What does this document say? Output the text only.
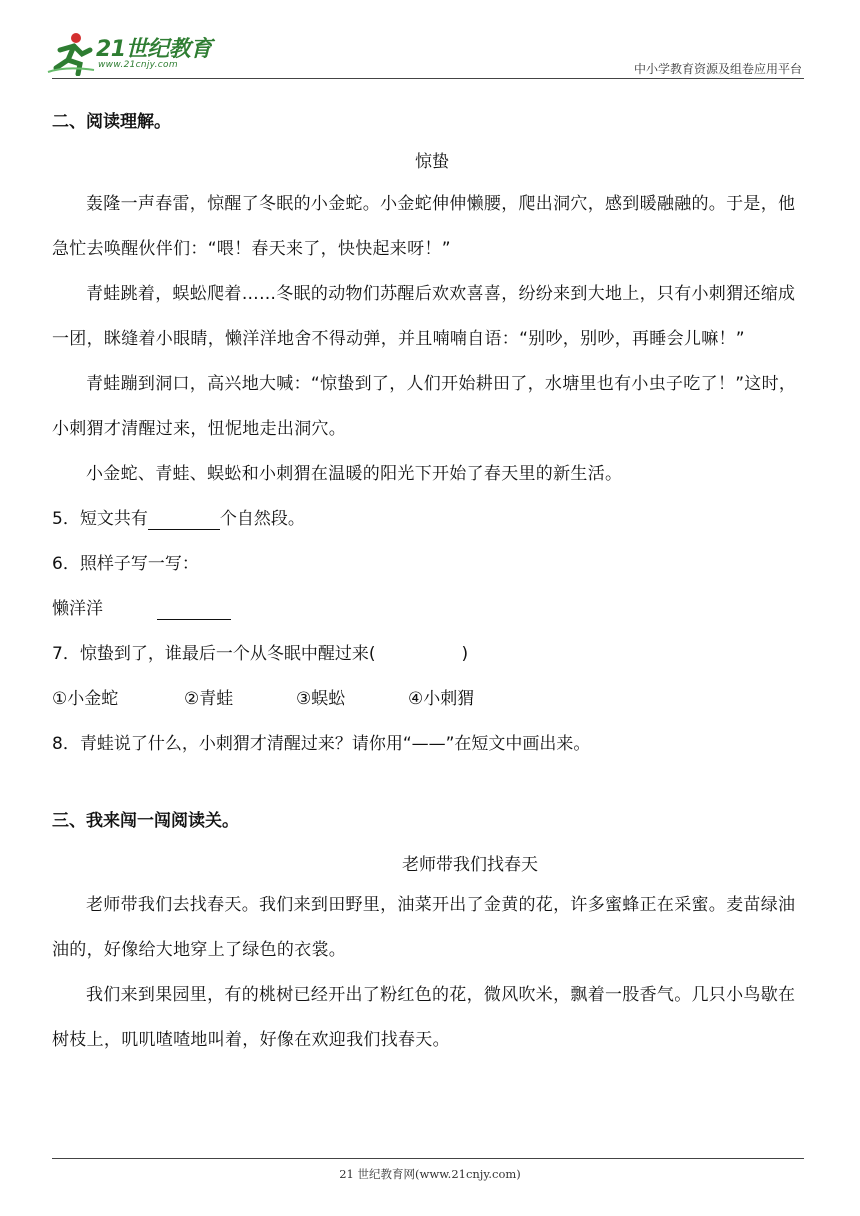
21世纪教育
www.21cnjy.com	中小学教育资源及组卷应用平台
二、阅读理解。
惊蛰

轰隆一声春雷，惊醒了冬眠的小金蛇。小金蛇伸伸懒腰，爬出洞穴，感到暖融融的。于是，他急忙去唤醒伙伴们：“喂！春天来了，快快起来呀！”

青蛙跳着，蜈蚣爬着……冬眠的动物们苏醒后欢欢喜喜，纷纷来到大地上，只有小刺猬还缩成一团，眯缝着小眼睛，懒洋洋地舍不得动弹，并且喃喃自语：“别吵，别吵，再睡会儿嘛！”

青蛙蹦到洞口，高兴地大喊：“惊蛰到了，人们开始耕田了，水塘里也有小虫子吃了！”这时，小刺猬才清醒过来，忸怩地走出洞穴。

小金蛇、青蛙、蜈蚣和小刺猬在温暖的阳光下开始了春天里的新生活。

5．短文共有	个自然段。
6．照样子写一写：
懒洋洋
7．惊蛰到了，谁最后一个从冬眠中醒过来(	)
①小金蛇	②青蛙	③蜈蚣	④小刺猬
8．青蛙说了什么，小刺猬才清醒过来？请你用“——”在短文中画出来。
三、我来闯一闯阅读关。
老师带我们找春天

老师带我们去找春天。我们来到田野里，油菜开出了金黄的花，许多蜜蜂正在采蜜。麦苗绿油油的，好像给大地穿上了绿色的衣裳。

我们来到果园里，有的桃树已经开出了粉红色的花，微风吹米，飘着一股香气。几只小鸟歇在树枝上，叽叽喳喳地叫着，好像在欢迎我们找春天。

21 世纪教育网(www.21cnjy.com)
